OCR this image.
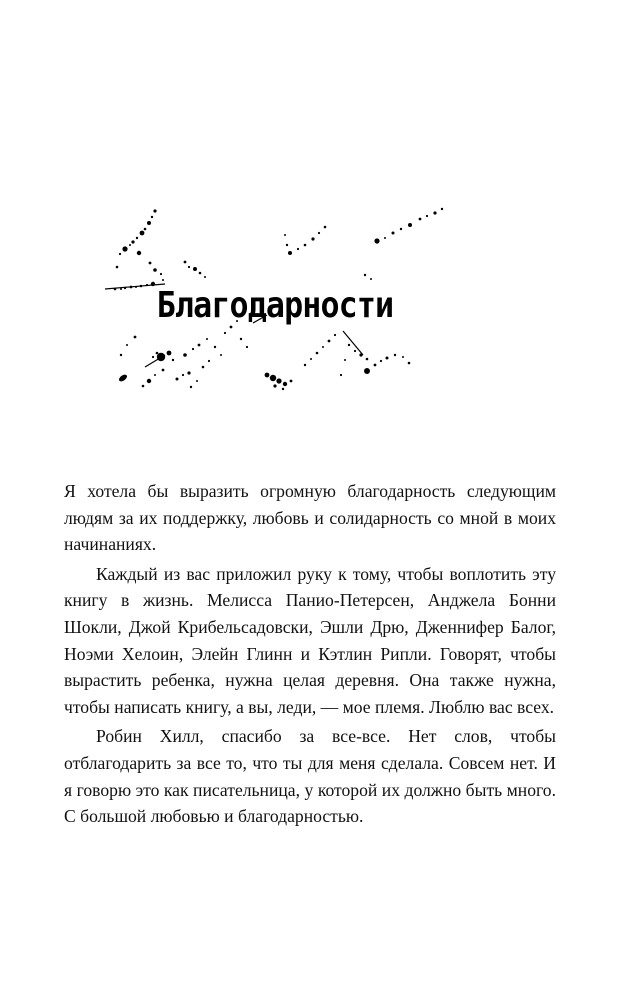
Благодарности

Я хотела бы выразить огромную благодарность следующим людям за их поддержку, любовь и солидарность со мной в моих начинаниях.

Каждый из вас приложил руку к тому, чтобы воплотить эту книгу в жизнь. Мелисса Панио-Петерсен, Анджела Бонни Шокли, Джой Крибельсадовски, Эшли Дрю, Дженнифер Балог, Ноэми Хелоин, Элейн Глинн и Кэтлин Рипли. Говорят, чтобы вырастить ребенка, нужна целая деревня. Она также нужна, чтобы написать книгу, а вы, леди, — мое племя. Люблю вас всех.

Робин Хилл, спасибо за все-все. Нет слов, чтобы отблагодарить за все то, что ты для меня сделала. Совсем нет. И я говорю это как писательница, у которой их должно быть много. С большой любовью и благодарностью.
